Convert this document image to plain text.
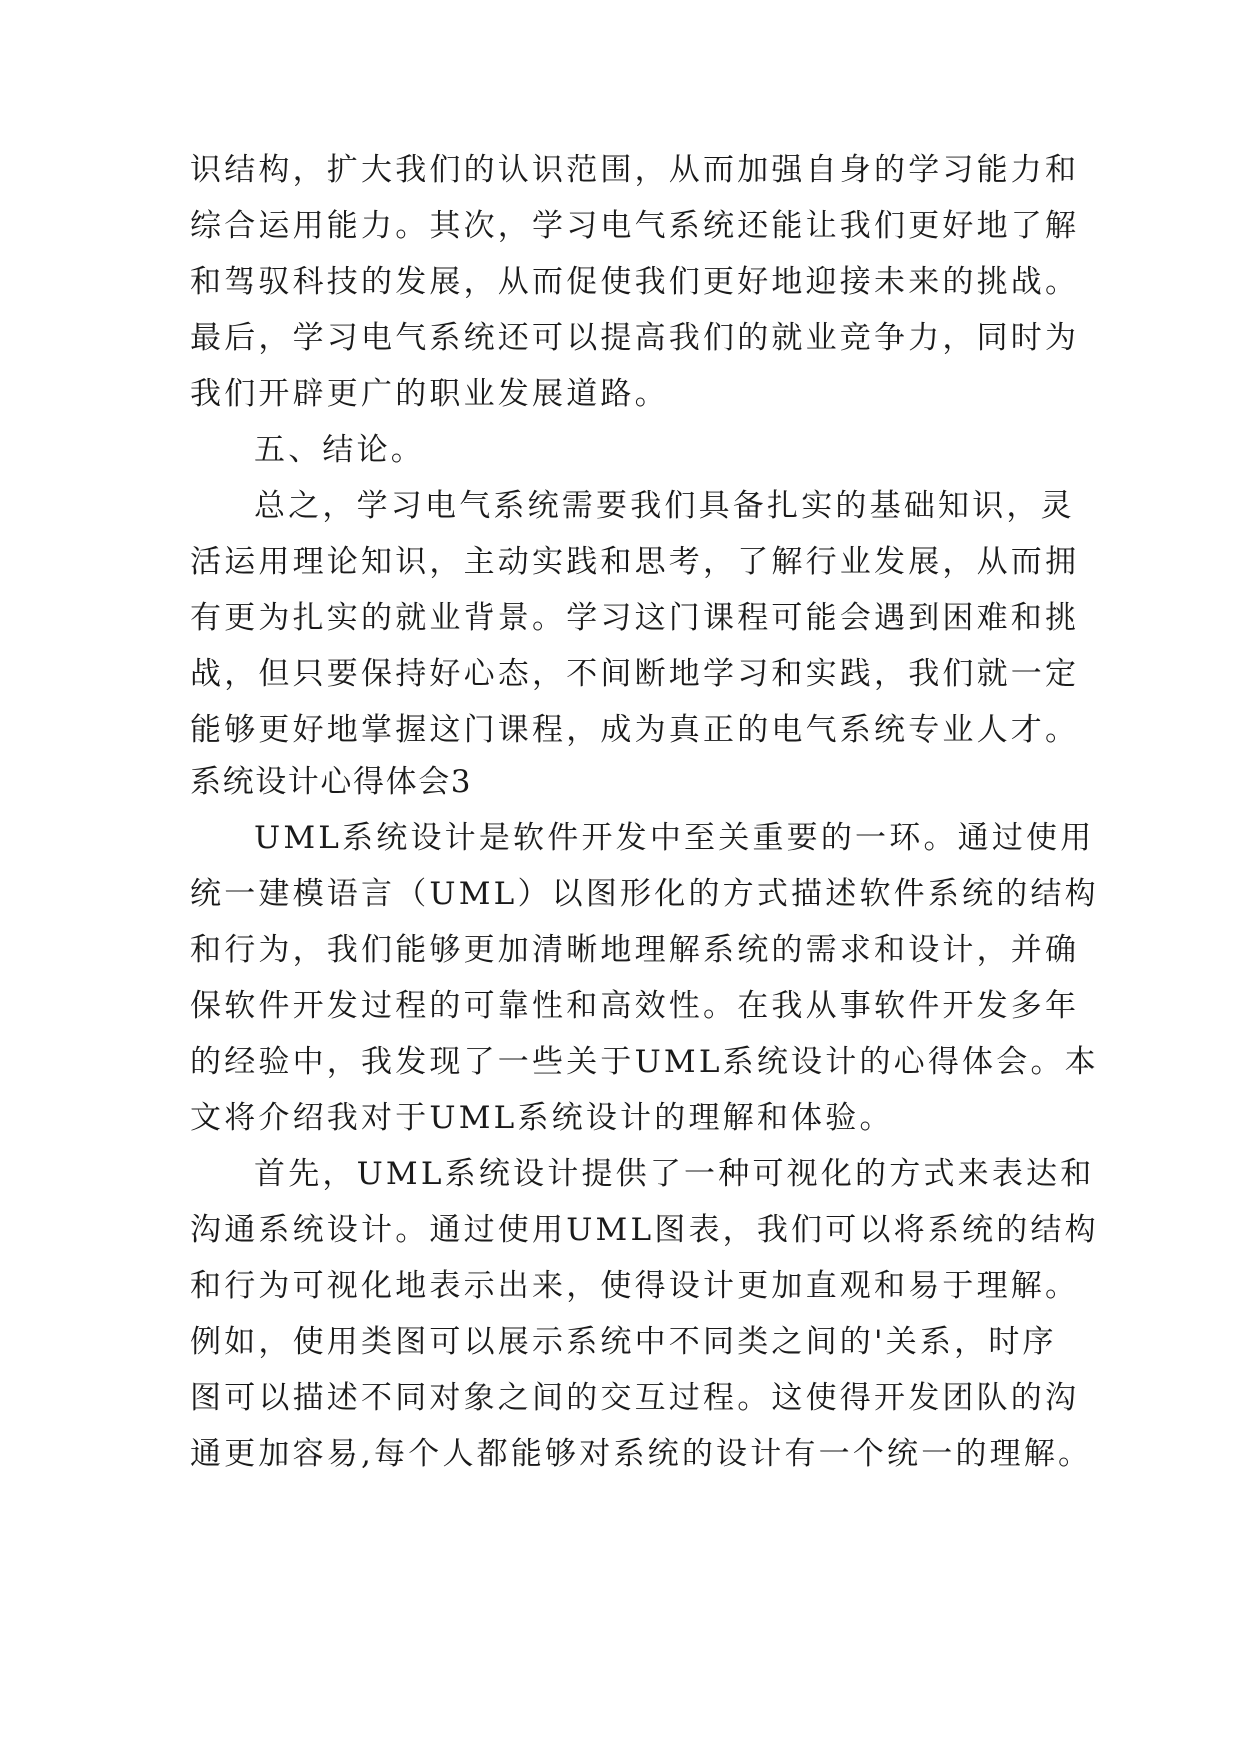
识结构，扩大我们的认识范围，从而加强自身的学习能力和
综合运用能力。其次，学习电气系统还能让我们更好地了解
和驾驭科技的发展，从而促使我们更好地迎接未来的挑战。
最后，学习电气系统还可以提高我们的就业竞争力，同时为
我们开辟更广的职业发展道路。
五、结论。
总之，学习电气系统需要我们具备扎实的基础知识，灵
活运用理论知识，主动实践和思考，了解行业发展，从而拥
有更为扎实的就业背景。学习这门课程可能会遇到困难和挑
战，但只要保持好心态，不间断地学习和实践，我们就一定
能够更好地掌握这门课程，成为真正的电气系统专业人才。
系统设计心得体会3
UML系统设计是软件开发中至关重要的一环。通过使用
统一建模语言（UML）以图形化的方式描述软件系统的结构
和行为，我们能够更加清晰地理解系统的需求和设计，并确
保软件开发过程的可靠性和高效性。在我从事软件开发多年
的经验中，我发现了一些关于UML系统设计的心得体会。本
文将介绍我对于UML系统设计的理解和体验。
首先，UML系统设计提供了一种可视化的方式来表达和
沟通系统设计。通过使用UML图表，我们可以将系统的结构
和行为可视化地表示出来，使得设计更加直观和易于理解。
例如，使用类图可以展示系统中不同类之间的'关系，时序
图可以描述不同对象之间的交互过程。这使得开发团队的沟
通更加容易,每个人都能够对系统的设计有一个统一的理解。
